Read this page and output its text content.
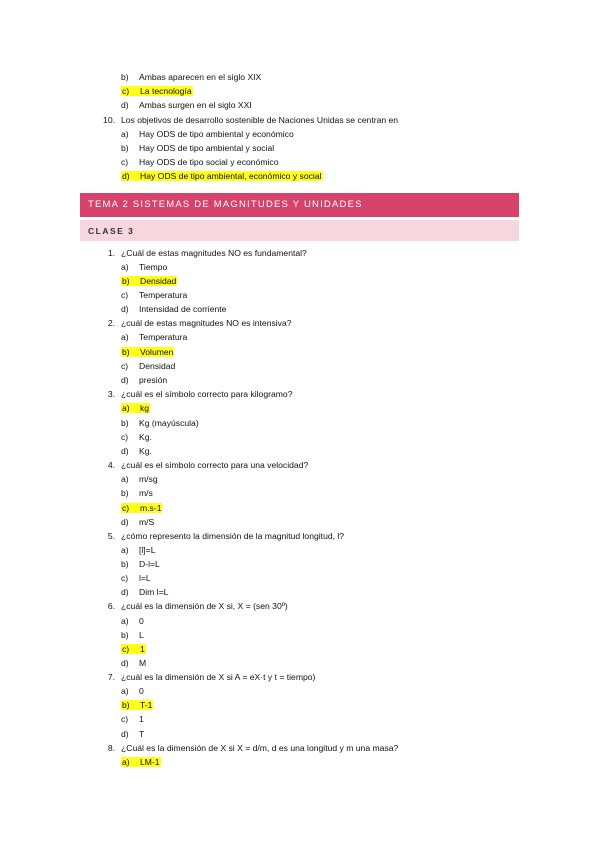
b) Ambas aparecen en el siglo XIX
c) La tecnología
d) Ambas surgen en el siglo XXI
10. Los objetivos de desarrollo sostenible de Naciones Unidas se centran en
a) Hay ODS de tipo ambiental y económico
b) Hay ODS de tipo ambiental y social
c) Hay ODS de tipo social y económico
d) Hay ODS de tipo ambiental, económico y social
TEMA 2 SISTEMAS DE MAGNITUDES Y UNIDADES
CLASE 3
1. ¿Cuál de estas magnitudes NO es fundamental?
a) Tiempo
b) Densidad
c) Temperatura
d) Intensidad de corriente
2. ¿cuál de estas magnitudes NO es intensiva?
a) Temperatura
b) Volumen
c) Densidad
d) presión
3. ¿cuál es el símbolo correcto para kilogramo?
a) kg
b) Kg (mayúscula)
c) Kg.
d) Kg.
4. ¿cuál es el símbolo correcto para una velocidad?
a) m/sg
b) m/s
c) m.s-1
d) m/S
5. ¿cómo represento la dimensión de la magnitud longitud, l?
a) [l]=L
b) D-l=L
c) l=L
d) Dim l=L
6. ¿cuál es la dimensión de X si, X = (sen 30º)
a) 0
b) L
c) 1
d) M
7. ¿cuál es la dimensión de X si A = eX·t y t = tiempo)
a) 0
b) T-1
c) 1
d) T
8. ¿Cuál es la dimensión de X si X = d/m, d es una longitud y m una masa?
a) LM-1
